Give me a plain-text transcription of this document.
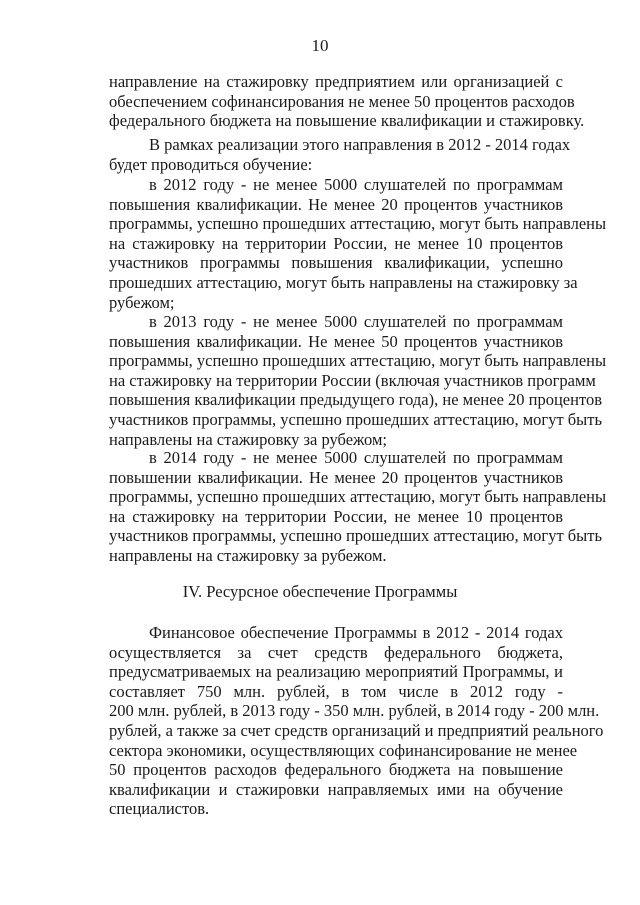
10
направление на стажировку предприятием или организацией с
обеспечением софинансирования не менее 50 процентов расходов
федерального бюджета на повышение квалификации и стажировку.
В рамках реализации этого направления в 2012 - 2014 годах
будет проводиться обучение:
в 2012 году - не менее 5000 слушателей по программам
повышения квалификации. Не менее 20 процентов участников
программы, успешно прошедших аттестацию, могут быть направлены
на стажировку на территории России, не менее 10 процентов
участников программы повышения квалификации, успешно
прошедших аттестацию, могут быть направлены на стажировку за
рубежом;
в 2013 году - не менее 5000 слушателей по программам
повышения квалификации. Не менее 50 процентов участников
программы, успешно прошедших аттестацию, могут быть направлены
на стажировку на территории России (включая участников программ
повышения квалификации предыдущего года), не менее 20 процентов
участников программы, успешно прошедших аттестацию, могут быть
направлены на стажировку за рубежом;
в 2014 году - не менее 5000 слушателей по программам
повышении квалификации. Не менее 20 процентов участников
программы, успешно прошедших аттестацию, могут быть направлены
на стажировку на территории России, не менее 10 процентов
участников программы, успешно прошедших аттестацию, могут быть
направлены на стажировку за рубежом.
IV. Ресурсное обеспечение Программы
Финансовое обеспечение Программы в 2012 - 2014 годах
осуществляется за счет средств федерального бюджета,
предусматриваемых на реализацию мероприятий Программы, и
составляет 750 млн. рублей, в том числе в 2012 году -
200 млн. рублей, в 2013 году - 350 млн. рублей, в 2014 году - 200 млн.
рублей, а также за счет средств организаций и предприятий реального
сектора экономики, осуществляющих софинансирование не менее
50 процентов расходов федерального бюджета на повышение
квалификации и стажировки направляемых ими на обучение
специалистов.
